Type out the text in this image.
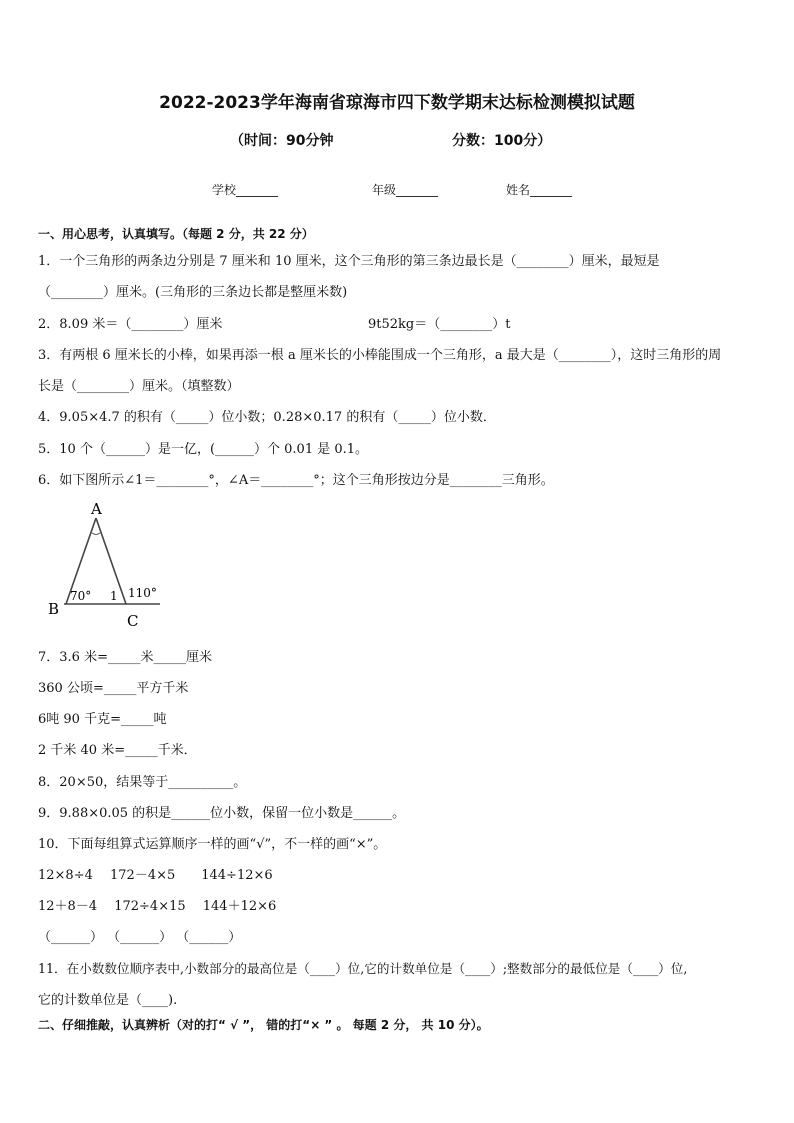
2022-2023学年海南省琼海市四下数学期末达标检测模拟试题
（时间：90分钟	分数：100分）
学校_______	年级_______	姓名_______
一、用心思考，认真填写。（每题 2 分，共 22 分）
1．一个三角形的两条边分别是 7 厘米和 10 厘米，这个三角形的第三条边最长是（________）厘米，最短是
（________）厘米。(三角形的三条边长都是整厘米数)
2．8.09 米＝（________）厘米	9t52kg＝（________）t
3．有两根 6 厘米长的小棒，如果再添一根 a 厘米长的小棒能围成一个三角形，a 最大是（________），这时三角形的周
长是（________）厘米。（填整数）
4．9.05×4.7 的积有（_____）位小数；0.28×0.17 的积有（_____）位小数．
5．10 个（______）是一亿，(______）个 0.01 是 0.1。
6．如下图所示∠1＝________°，∠A＝________°；这个三角形按边分是________三角形。
A
B
C
70° 1 110°
7．3.6 米=_____米_____厘米
360 公顷=_____平方千米
6吨 90 千克=_____吨
2 千米 40 米=_____千米．
8．20×50，结果等于__________。
9．9.88×0.05 的积是______位小数，保留一位小数是______。
10．下面每组算式运算顺序一样的画“√”，不一样的画“×”。
12×8÷4　 172－4×5　　144÷12×6
12＋8－4　 172÷4×15　 144＋12×6
（______） （______） （______）
11．在小数数位顺序表中,小数部分的最高位是（____）位,它的计数单位是（____）;整数部分的最低位是（____）位,
它的计数单位是（____).
二、仔细推敲，认真辨析（对的打“ √ ”， 错的打“× ” 。 每题 2 分， 共 10 分）。
